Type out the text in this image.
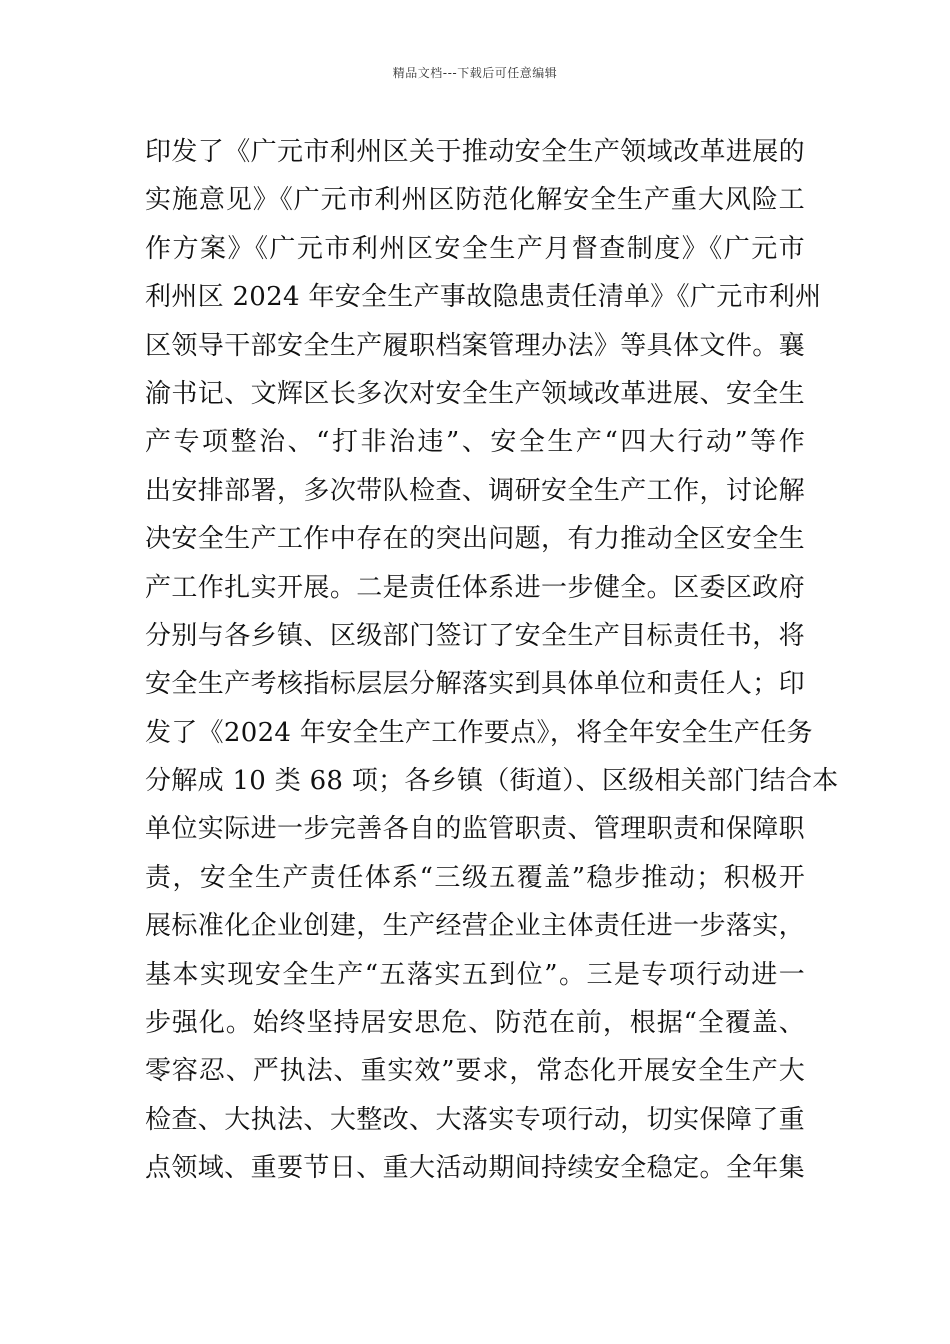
精品文档---下载后可任意编辑
印发了《广元市利州区关于推动安全生产领域改革进展的
实施意见》《广元市利州区防范化解安全生产重大风险工
作方案》《广元市利州区安全生产月督查制度》《广元市
利州区 2024 年安全生产事故隐患责任清单》《广元市利州
区领导干部安全生产履职档案管理办法》等具体文件。襄
渝书记、文辉区长多次对安全生产领域改革进展、安全生
产专项整治、“打非治违”、安全生产“四大行动”等作
出安排部署，多次带队检查、调研安全生产工作，讨论解
决安全生产工作中存在的突出问题，有力推动全区安全生
产工作扎实开展。二是责任体系进一步健全。区委区政府
分别与各乡镇、区级部门签订了安全生产目标责任书，将
安全生产考核指标层层分解落实到具体单位和责任人；印
发了《2024 年安全生产工作要点》，将全年安全生产任务
分解成 10 类 68 项；各乡镇（街道）、区级相关部门结合本
单位实际进一步完善各自的监管职责、管理职责和保障职
责，安全生产责任体系“三级五覆盖”稳步推动；积极开
展标准化企业创建，生产经营企业主体责任进一步落实，
基本实现安全生产“五落实五到位”。三是专项行动进一
步强化。始终坚持居安思危、防范在前，根据“全覆盖、
零容忍、严执法、重实效”要求，常态化开展安全生产大
检查、大执法、大整改、大落实专项行动，切实保障了重
点领域、重要节日、重大活动期间持续安全稳定。全年集
